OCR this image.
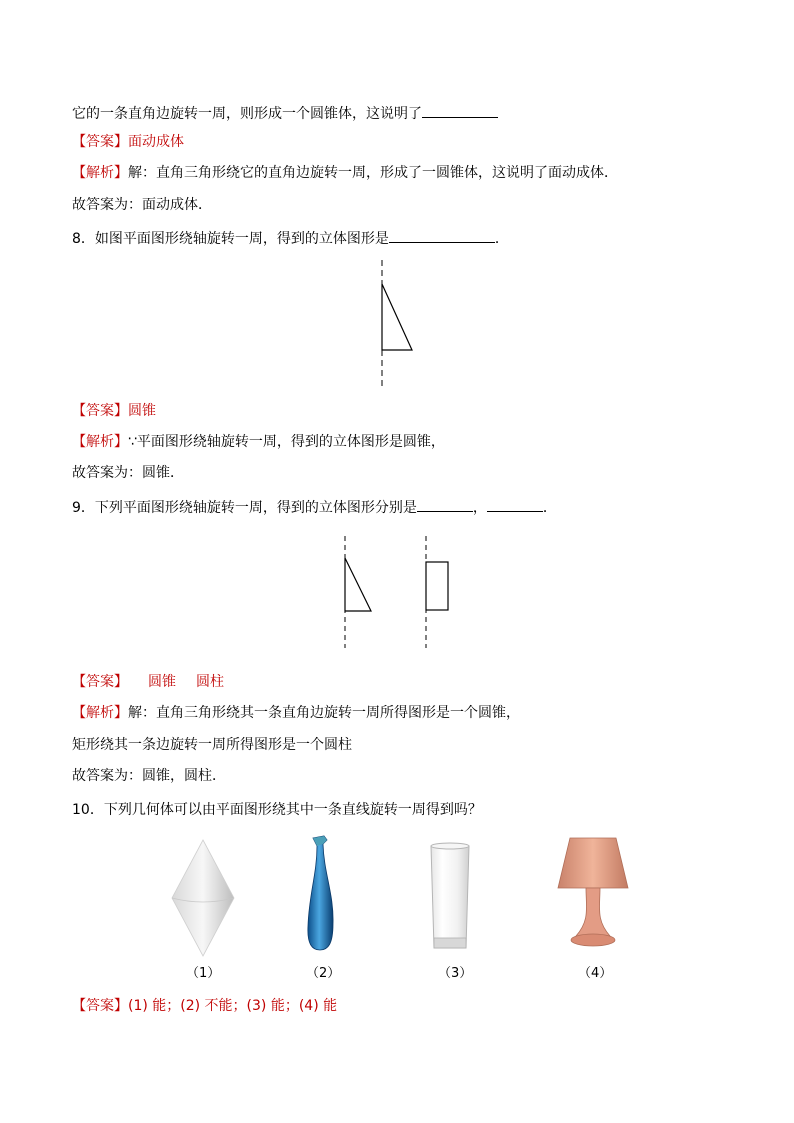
它的一条直角边旋转一周，则形成一个圆锥体，这说明了
【答案】面动成体
【解析】解：直角三角形绕它的直角边旋转一周，形成了一圆锥体，这说明了面动成体．
故答案为：面动成体．
8．如图平面图形绕轴旋转一周，得到的立体图形是	．
【答案】圆锥
【解析】∵平面图形绕轴旋转一周，得到的立体图形是圆锥，
故答案为：圆锥．
9．下列平面图形绕轴旋转一周，得到的立体图形分别是	，	．
【答案】 圆锥 圆柱
【解析】解：直角三角形绕其一条直角边旋转一周所得图形是一个圆锥，
矩形绕其一条边旋转一周所得图形是一个圆柱
故答案为：圆锥，圆柱．
10．下列几何体可以由平面图形绕其中一条直线旋转一周得到吗？
（1）	（2）	（3）	（4）
【答案】(1) 能；(2) 不能；(3) 能；(4) 能
